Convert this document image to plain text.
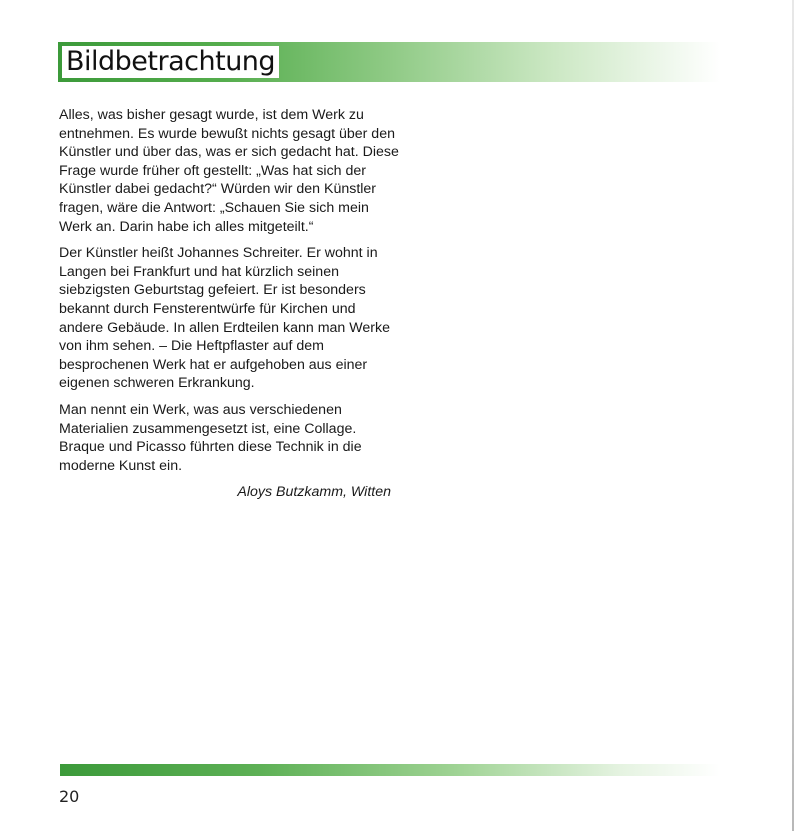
Bildbetrachtung

Alles, was bisher gesagt wurde, ist dem Werk zu entnehmen. Es wurde bewußt nichts gesagt über den Künstler und über das, was er sich gedacht hat. Diese Frage wurde früher oft gestellt: „Was hat sich der Künstler dabei gedacht?“ Würden wir den Künstler fragen, wäre die Antwort: „Schauen Sie sich mein Werk an. Darin habe ich alles mitgeteilt.“

Der Künstler heißt Johannes Schreiter. Er wohnt in Langen bei Frankfurt und hat kürzlich seinen siebzigsten Geburtstag gefeiert. Er ist besonders bekannt durch Fensterentwürfe für Kirchen und andere Gebäude. In allen Erdteilen kann man Werke von ihm sehen. – Die Heftpflaster auf dem besprochenen Werk hat er aufgehoben aus einer eigenen schweren Erkrankung.

Man nennt ein Werk, was aus verschiedenen Materialien zusammengesetzt ist, eine Collage. Braque und Picasso führten diese Technik in die moderne Kunst ein.

Aloys Butzkamm, Witten

20
